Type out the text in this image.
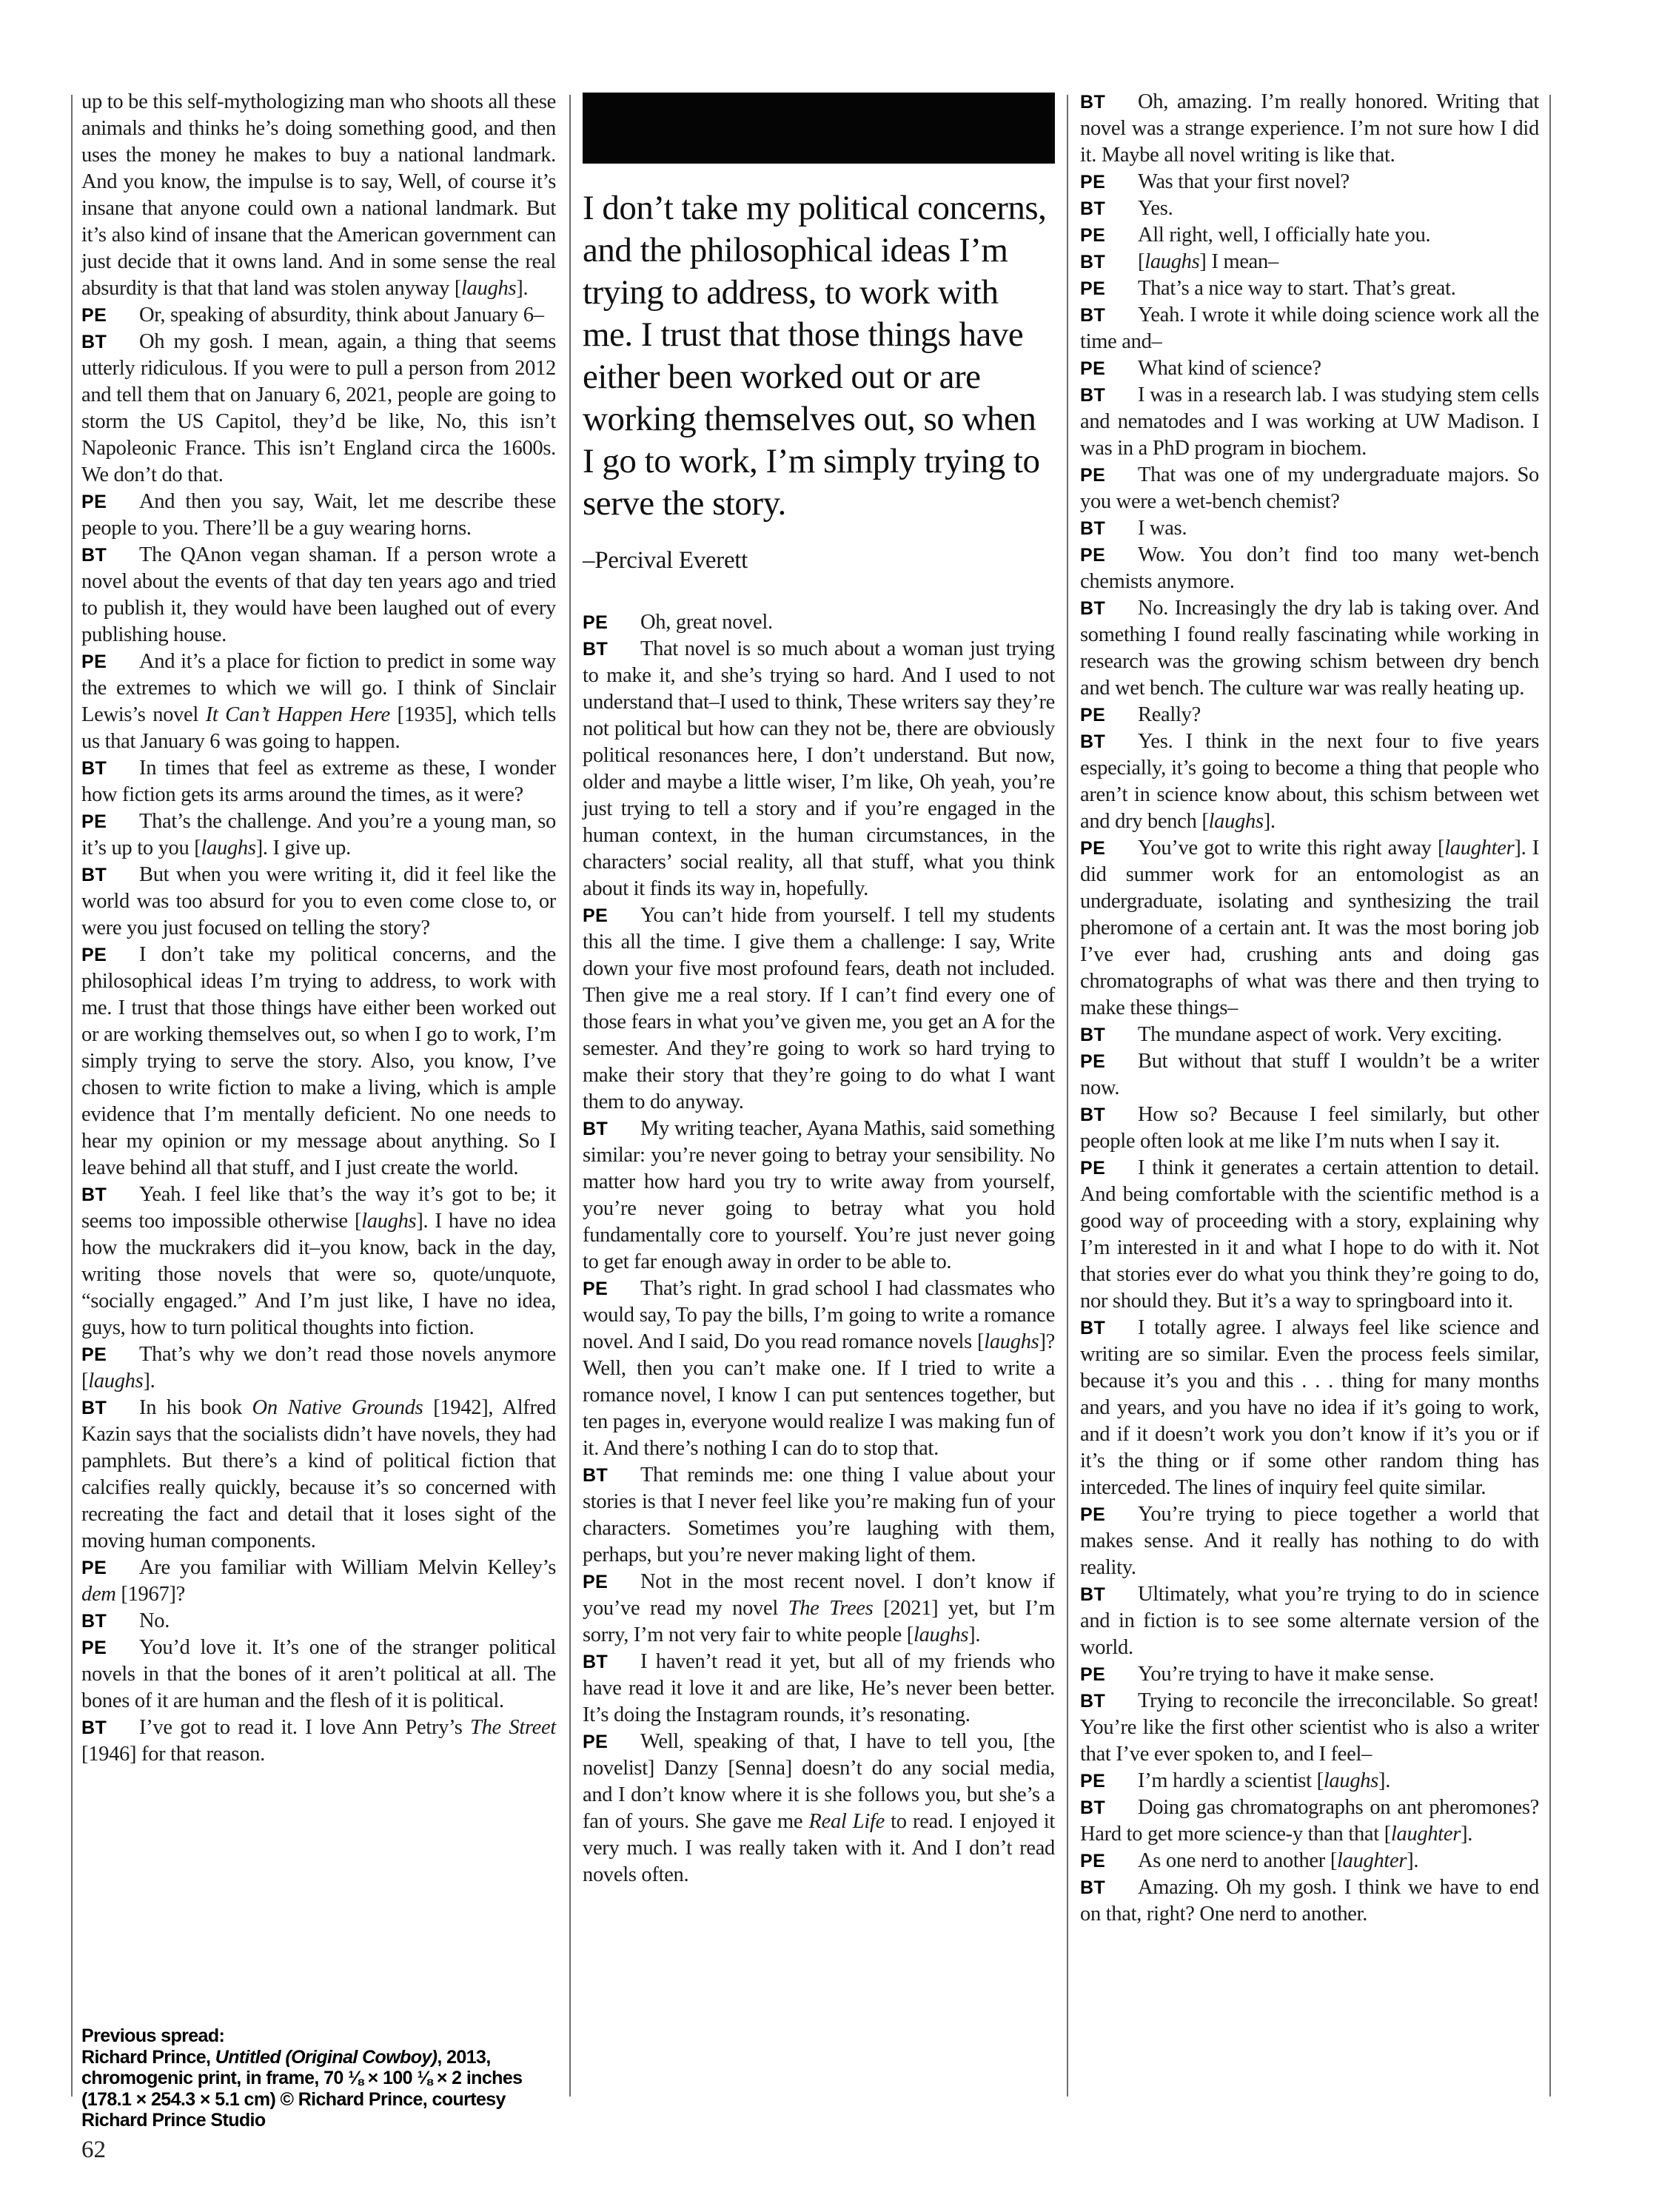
up to be this self-mythologizing man who shoots all these animals and thinks he’s doing something good, and then uses the money he makes to buy a national landmark. And you know, the impulse is to say, Well, of course it’s insane that anyone could own a national landmark. But it’s also kind of insane that the American government can just decide that it owns land. And in some sense the real absurdity is that that land was stolen anyway [laughs].

PE Or, speaking of absurdity, think about January 6–

BT Oh my gosh. I mean, again, a thing that seems utterly ridiculous. If you were to pull a person from 2012 and tell them that on January 6, 2021, people are going to storm the US Capitol, they’d be like, No, this isn’t Napoleonic France. This isn’t England circa the 1600s. We don’t do that.

PE And then you say, Wait, let me describe these people to you. There’ll be a guy wearing horns.

BT The QAnon vegan shaman. If a person wrote a novel about the events of that day ten years ago and tried to publish it, they would have been laughed out of every publishing house.

PE And it’s a place for fiction to predict in some way the extremes to which we will go. I think of Sinclair Lewis’s novel It Can’t Happen Here [1935], which tells us that January 6 was going to happen.

BT In times that feel as extreme as these, I wonder how fiction gets its arms around the times, as it were?

PE That’s the challenge. And you’re a young man, so it’s up to you [laughs]. I give up.

BT But when you were writing it, did it feel like the world was too absurd for you to even come close to, or were you just focused on telling the story?

PE I don’t take my political concerns, and the philosophical ideas I’m trying to address, to work with me. I trust that those things have either been worked out or are working themselves out, so when I go to work, I’m simply trying to serve the story. Also, you know, I’ve chosen to write fiction to make a living, which is ample evidence that I’m mentally deficient. No one needs to hear my opinion or my message about anything. So I leave behind all that stuff, and I just create the world.

BT Yeah. I feel like that’s the way it’s got to be; it seems too impossible otherwise [laughs]. I have no idea how the muckrakers did it–you know, back in the day, writing those novels that were so, quote/unquote, “socially engaged.” And I’m just like, I have no idea, guys, how to turn political thoughts into fiction.

PE That’s why we don’t read those novels anymore [laughs].

BT In his book On Native Grounds [1942], Alfred Kazin says that the socialists didn’t have novels, they had pamphlets. But there’s a kind of political fiction that calcifies really quickly, because it’s so concerned with recreating the fact and detail that it loses sight of the moving human components.

PE Are you familiar with William Melvin Kelley’s dem [1967]?

BT No.

PE You’d love it. It’s one of the stranger political novels in that the bones of it aren’t political at all. The bones of it are human and the flesh of it is political.

BT I’ve got to read it. I love Ann Petry’s The Street [1946] for that reason.

I don’t take my political concerns, and the philosophical ideas I’m trying to address, to work with me. I trust that those things have either been worked out or are working themselves out, so when I go to work, I’m simply trying to serve the story.

–Percival Everett

PE Oh, great novel.

BT That novel is so much about a woman just trying to make it, and she’s trying so hard. And I used to not understand that–I used to think, These writers say they’re not political but how can they not be, there are obviously political resonances here, I don’t understand. But now, older and maybe a little wiser, I’m like, Oh yeah, you’re just trying to tell a story and if you’re engaged in the human context, in the human circumstances, in the characters’ social reality, all that stuff, what you think about it finds its way in, hopefully.

PE You can’t hide from yourself. I tell my students this all the time. I give them a challenge: I say, Write down your five most profound fears, death not included. Then give me a real story. If I can’t find every one of those fears in what you’ve given me, you get an A for the semester. And they’re going to work so hard trying to make their story that they’re going to do what I want them to do anyway.

BT My writing teacher, Ayana Mathis, said something similar: you’re never going to betray your sensibility. No matter how hard you try to write away from yourself, you’re never going to betray what you hold fundamentally core to yourself. You’re just never going to get far enough away in order to be able to.

PE That’s right. In grad school I had classmates who would say, To pay the bills, I’m going to write a romance novel. And I said, Do you read romance novels [laughs]? Well, then you can’t make one. If I tried to write a romance novel, I know I can put sentences together, but ten pages in, everyone would realize I was making fun of it. And there’s nothing I can do to stop that.

BT That reminds me: one thing I value about your stories is that I never feel like you’re making fun of your characters. Sometimes you’re laughing with them, perhaps, but you’re never making light of them.

PE Not in the most recent novel. I don’t know if you’ve read my novel The Trees [2021] yet, but I’m sorry, I’m not very fair to white people [laughs].

BT I haven’t read it yet, but all of my friends who have read it love it and are like, He’s never been better. It’s doing the Instagram rounds, it’s resonating.

PE Well, speaking of that, I have to tell you, [the novelist] Danzy [Senna] doesn’t do any social media, and I don’t know where it is she follows you, but she’s a fan of yours. She gave me Real Life to read. I enjoyed it very much. I was really taken with it. And I don’t read novels often.

BT Oh, amazing. I’m really honored. Writing that novel was a strange experience. I’m not sure how I did it. Maybe all novel writing is like that.

PE Was that your first novel?

BT Yes.

PE All right, well, I officially hate you.

BT [laughs] I mean–

PE That’s a nice way to start. That’s great.

BT Yeah. I wrote it while doing science work all the time and–

PE What kind of science?

BT I was in a research lab. I was studying stem cells and nematodes and I was working at UW Madison. I was in a PhD program in biochem.

PE That was one of my undergraduate majors. So you were a wet-bench chemist?

BT I was.

PE Wow. You don’t find too many wet-bench chemists anymore.

BT No. Increasingly the dry lab is taking over. And something I found really fascinating while working in research was the growing schism between dry bench and wet bench. The culture war was really heating up.

PE Really?

BT Yes. I think in the next four to five years especially, it’s going to become a thing that people who aren’t in science know about, this schism between wet and dry bench [laughs].

PE You’ve got to write this right away [laughter]. I did summer work for an entomologist as an undergraduate, isolating and synthesizing the trail pheromone of a certain ant. It was the most boring job I’ve ever had, crushing ants and doing gas chromatographs of what was there and then trying to make these things–

BT The mundane aspect of work. Very exciting.

PE But without that stuff I wouldn’t be a writer now.

BT How so? Because I feel similarly, but other people often look at me like I’m nuts when I say it.

PE I think it generates a certain attention to detail. And being comfortable with the scientific method is a good way of proceeding with a story, explaining why I’m interested in it and what I hope to do with it. Not that stories ever do what you think they’re going to do, nor should they. But it’s a way to springboard into it.

BT I totally agree. I always feel like science and writing are so similar. Even the process feels similar, because it’s you and this . . . thing for many months and years, and you have no idea if it’s going to work, and if it doesn’t work you don’t know if it’s you or if it’s the thing or if some other random thing has interceded. The lines of inquiry feel quite similar.

PE You’re trying to piece together a world that makes sense. And it really has nothing to do with reality.

BT Ultimately, what you’re trying to do in science and in fiction is to see some alternate version of the world.

PE You’re trying to have it make sense.

BT Trying to reconcile the irreconcilable. So great! You’re like the first other scientist who is also a writer that I’ve ever spoken to, and I feel–

PE I’m hardly a scientist [laughs].

BT Doing gas chromatographs on ant pheromones? Hard to get more science-y than that [laughter].

PE As one nerd to another [laughter].

BT Amazing. Oh my gosh. I think we have to end on that, right? One nerd to another.

Previous spread:

Richard Prince, Untitled (Original Cowboy), 2013, chromogenic print, in frame, 70 ⅛ × 100 ⅛ × 2 inches (178.1 × 254.3 × 5.1 cm) © Richard Prince, courtesy Richard Prince Studio

62
